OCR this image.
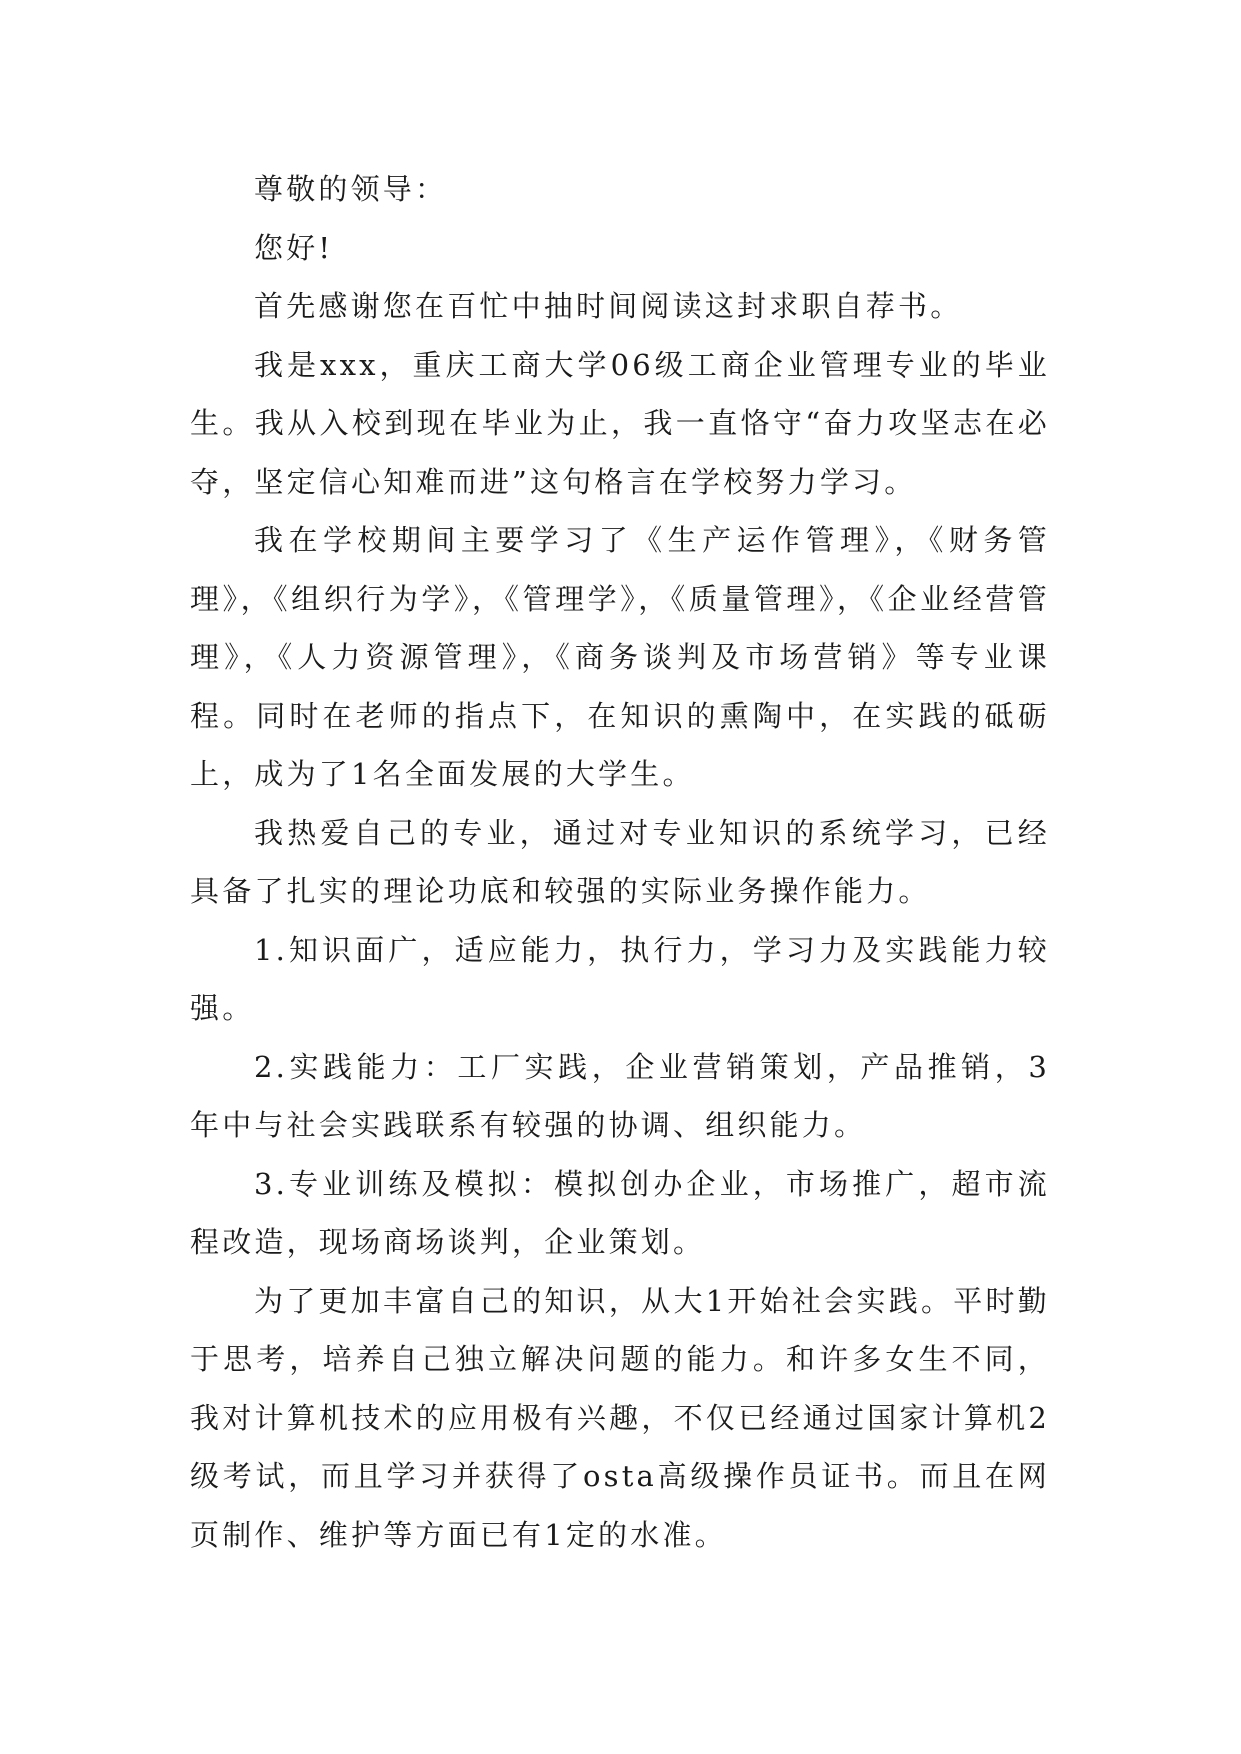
尊敬的领导：

您好!

首先感谢您在百忙中抽时间阅读这封求职自荐书。

我是xxx，重庆工商大学06级工商企业管理专业的毕业生。我从入校到现在毕业为止，我一直恪守“奋力攻坚志在必夺，坚定信心知难而进”这句格言在学校努力学习。

我在学校期间主要学习了《生产运作管理》，《财务管理》，《组织行为学》，《管理学》，《质量管理》，《企业经营管理》，《人力资源管理》，《商务谈判及市场营销》等专业课程。同时在老师的指点下，在知识的熏陶中，在实践的砥砺上，成为了1名全面发展的大学生。

我热爱自己的专业，通过对专业知识的系统学习，已经具备了扎实的理论功底和较强的实际业务操作能力。

1.知识面广，适应能力，执行力，学习力及实践能力较强。

2.实践能力：工厂实践，企业营销策划，产品推销，3年中与社会实践联系有较强的协调、组织能力。

3.专业训练及模拟：模拟创办企业，市场推广，超市流程改造，现场商场谈判，企业策划。

为了更加丰富自己的知识，从大1开始社会实践。平时勤于思考，培养自己独立解决问题的能力。和许多女生不同，我对计算机技术的应用极有兴趣，不仅已经通过国家计算机2级考试，而且学习并获得了osta高级操作员证书。而且在网页制作、维护等方面已有1定的水准。
